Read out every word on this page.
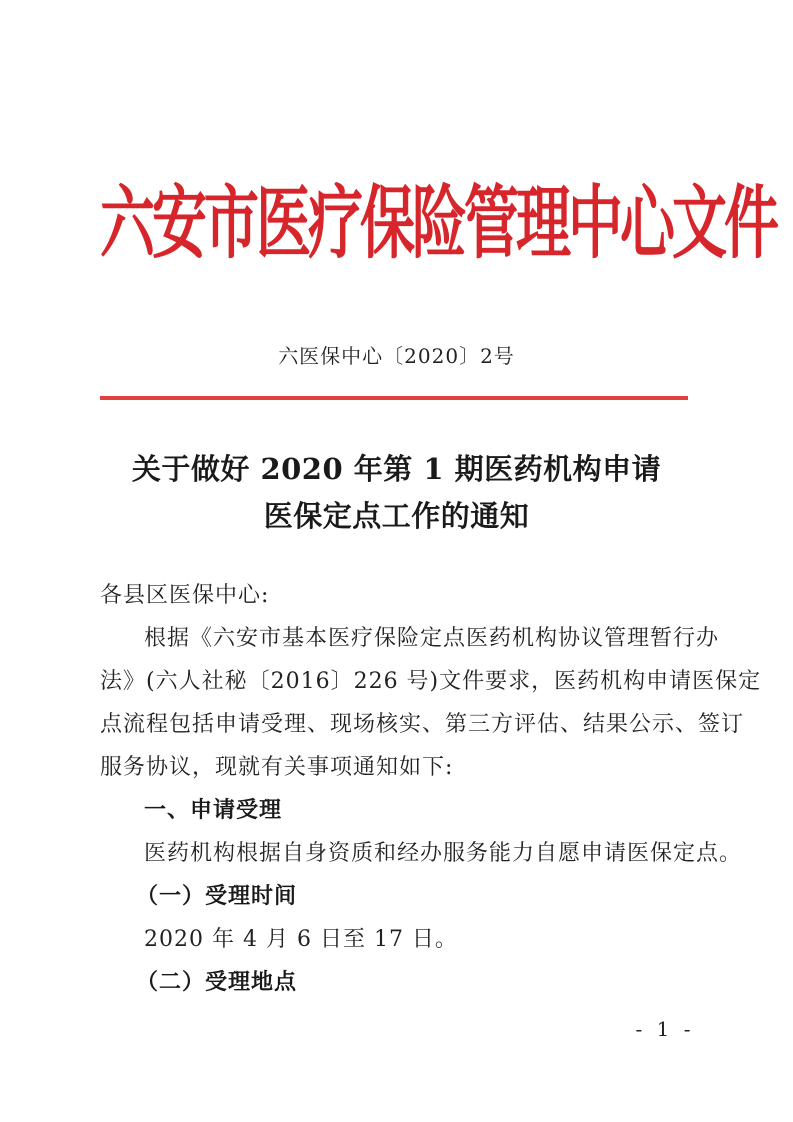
六安市医疗保险管理中心文件
六医保中心〔2020〕2号
关于做好 2020 年第 1 期医药机构申请
医保定点工作的通知
各县区医保中心:
根据《六安市基本医疗保险定点医药机构协议管理暂行办
法》(六人社秘〔2016〕226 号)文件要求，医药机构申请医保定
点流程包括申请受理、现场核实、第三方评估、结果公示、签订
服务协议，现就有关事项通知如下:
一、申请受理
医药机构根据自身资质和经办服务能力自愿申请医保定点。
（一）受理时间
2020 年 4 月 6 日至 17 日。
（二）受理地点
- 1 -
